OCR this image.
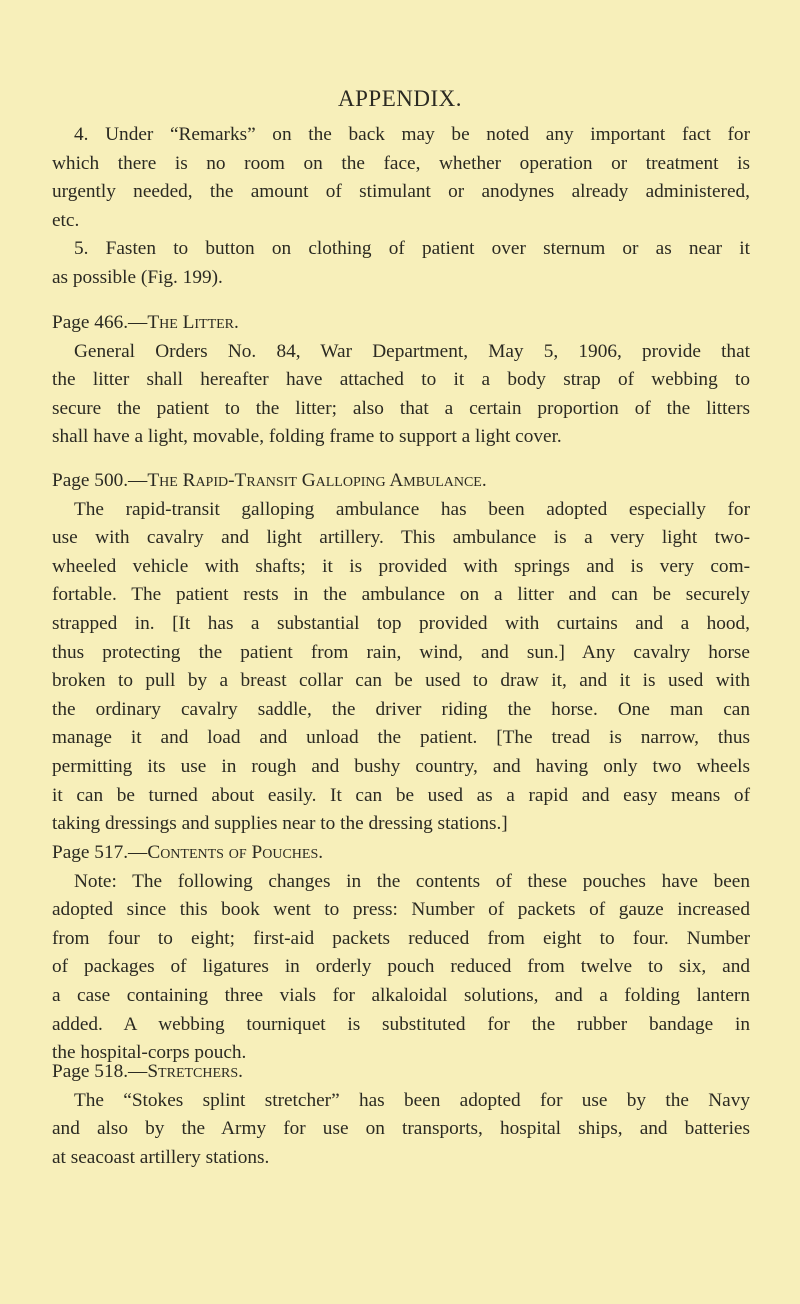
APPENDIX.
4. Under “Remarks” on the back may be noted any important fact for
which there is no room on the face, whether operation or treatment is
urgently needed, the amount of stimulant or anodynes already administered,
etc.
5. Fasten to button on clothing of patient over sternum or as near it
as possible (Fig. 199).
Page 466.—The Litter.
General Orders No. 84, War Department, May 5, 1906, provide that
the litter shall hereafter have attached to it a body strap of webbing to
secure the patient to the litter; also that a certain proportion of the litters
shall have a light, movable, folding frame to support a light cover.
Page 500.—The Rapid-Transit Galloping Ambulance.
The rapid-transit galloping ambulance has been adopted especially for
use with cavalry and light artillery. This ambulance is a very light two-
wheeled vehicle with shafts; it is provided with springs and is very com-
fortable. The patient rests in the ambulance on a litter and can be securely
strapped in. [It has a substantial top provided with curtains and a hood,
thus protecting the patient from rain, wind, and sun.] Any cavalry horse
broken to pull by a breast collar can be used to draw it, and it is used with
the ordinary cavalry saddle, the driver riding the horse. One man can
manage it and load and unload the patient. [The tread is narrow, thus
permitting its use in rough and bushy country, and having only two wheels
it can be turned about easily. It can be used as a rapid and easy means of
taking dressings and supplies near to the dressing stations.]
Page 517.—Contents of Pouches.
Note: The following changes in the contents of these pouches have been
adopted since this book went to press: Number of packets of gauze increased
from four to eight; first-aid packets reduced from eight to four. Number
of packages of ligatures in orderly pouch reduced from twelve to six, and
a case containing three vials for alkaloidal solutions, and a folding lantern
added. A webbing tourniquet is substituted for the rubber bandage in
the hospital-corps pouch.
Page 518.—Stretchers.
The “Stokes splint stretcher” has been adopted for use by the Navy
and also by the Army for use on transports, hospital ships, and batteries
at seacoast artillery stations.
